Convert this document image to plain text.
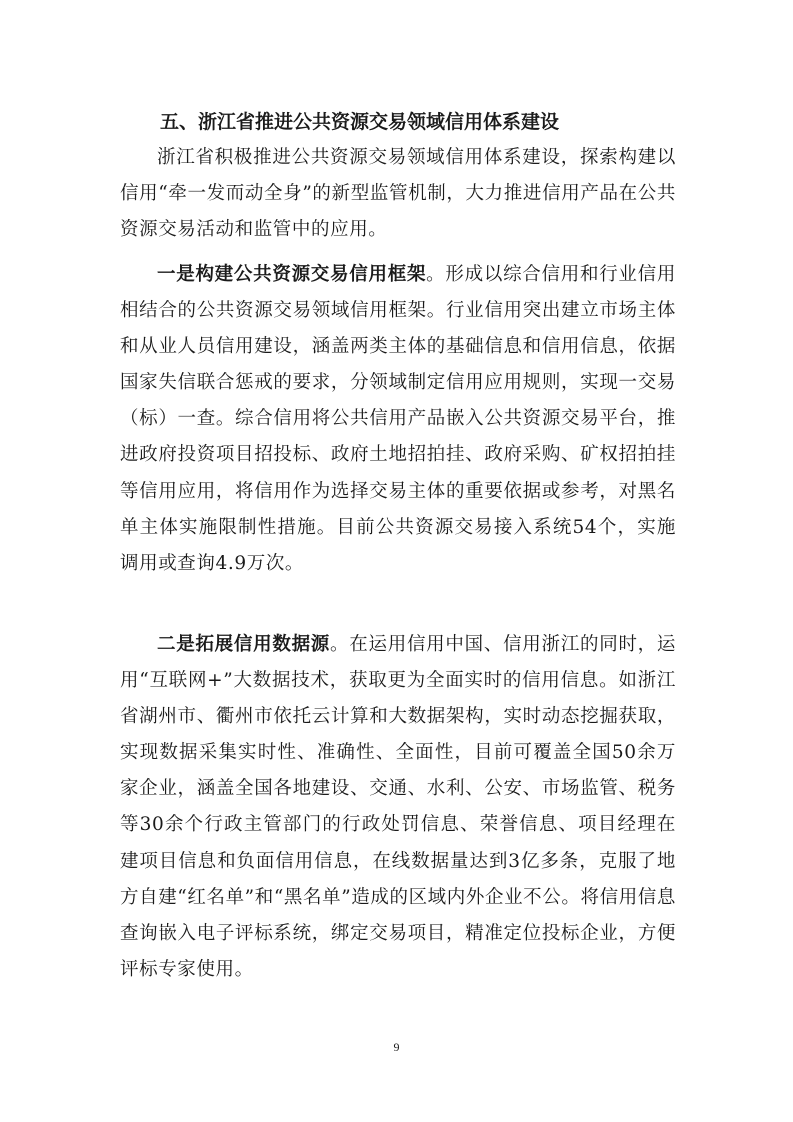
五、浙江省推进公共资源交易领域信用体系建设

浙江省积极推进公共资源交易领域信用体系建设，探索构建以信用“牵一发而动全身”的新型监管机制，大力推进信用产品在公共资源交易活动和监管中的应用。

一是构建公共资源交易信用框架。形成以综合信用和行业信用相结合的公共资源交易领域信用框架。行业信用突出建立市场主体和从业人员信用建设，涵盖两类主体的基础信息和信用信息，依据国家失信联合惩戒的要求，分领域制定信用应用规则，实现一交易（标）一查。综合信用将公共信用产品嵌入公共资源交易平台，推进政府投资项目招投标、政府土地招拍挂、政府采购、矿权招拍挂等信用应用，将信用作为选择交易主体的重要依据或参考，对黑名单主体实施限制性措施。目前公共资源交易接入系统54个，实施调用或查询4.9万次。

二是拓展信用数据源。在运用信用中国、信用浙江的同时，运用“互联网+”大数据技术，获取更为全面实时的信用信息。如浙江省湖州市、衢州市依托云计算和大数据架构，实时动态挖掘获取，实现数据采集实时性、准确性、全面性，目前可覆盖全国50余万家企业，涵盖全国各地建设、交通、水利、公安、市场监管、税务等30余个行政主管部门的行政处罚信息、荣誉信息、项目经理在建项目信息和负面信用信息，在线数据量达到3亿多条，克服了地方自建“红名单”和“黑名单”造成的区域内外企业不公。将信用信息查询嵌入电子评标系统，绑定交易项目，精准定位投标企业，方便评标专家使用。

9
